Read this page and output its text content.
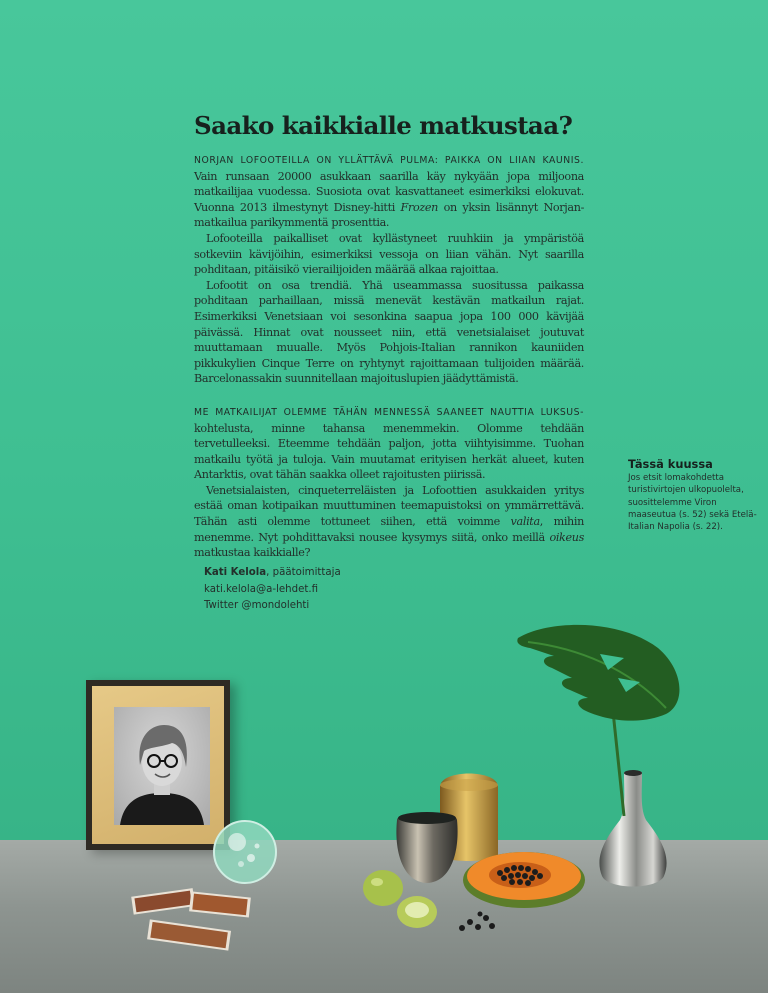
Saako kaikkialle matkustaa?

NORJAN LOFOOTEILLA ON YLLÄTTÄVÄ PULMA: PAIKKA ON LIIAN KAUNIS. Vain runsaan 20000 asukkaan saarilla käy nykyään jopa miljoona matkailijaa vuodessa. Suosiota ovat kasvattaneet esimerkiksi elokuvat. Vuonna 2013 ilmestynyt Disney-hitti Frozen on yksin lisännyt Norjan-matkailua parikymmentä prosenttia.

Lofooteilla paikalliset ovat kyllästyneet ruuhkiin ja ympäristöä sotkeviin kävijöihin, esimerkiksi vessoja on liian vähän. Nyt saarilla pohditaan, pitäisikö vierailijoiden määrää alkaa rajoittaa.

Lofootit on osa trendiä. Yhä useammassa suositussa paikassa pohditaan parhaillaan, missä menevät kestävän matkailun rajat. Esimerkiksi Venetsiaan voi sesonkina saapua jopa 100 000 kävijää päivässä. Hinnat ovat nousseet niin, että venetsialaiset joutuvat muuttamaan muualle. Myös Pohjois-Italian rannikon kauniiden pikkukylien Cinque Terre on ryhtynyt rajoittamaan tulijoiden määrää. Barcelonassakin suunnitellaan majoituslupien jäädyttämistä.

ME MATKAILIJAT OLEMME TÄHÄN MENNESSÄ SAANEET NAUTTIA LUKSUS-kohtelusta, minne tahansa menemmekin. Olomme tehdään tervetulleeksi. Eteemme tehdään paljon, jotta viihtyisimme. Tuohan matkailu työtä ja tuloja. Vain muutamat erityisen herkät alueet, kuten Antarktis, ovat tähän saakka olleet rajoitusten piirissä.

Venetsialaisten, cinqueterreläisten ja Lofoottien asukkaiden yritys estää oman kotipaikan muuttuminen teemapuistoksi on ymmärrettävä. Tähän asti olemme tottuneet siihen, että voimme valita, mihin menemme. Nyt pohdittavaksi nousee kysymys siitä, onko meillä oikeus matkustaa kaikkialle?

Kati Kelola, päätoimittaja
kati.kelola@a-lehdet.fi
Twitter @mondolehti

Tässä kuussa

Jos etsit lomakohdetta turistivirtojen ulkopuolelta, suosittelemme Viron maaseutua (s. 52) sekä Etelä-Italian Napolia (s. 22).
